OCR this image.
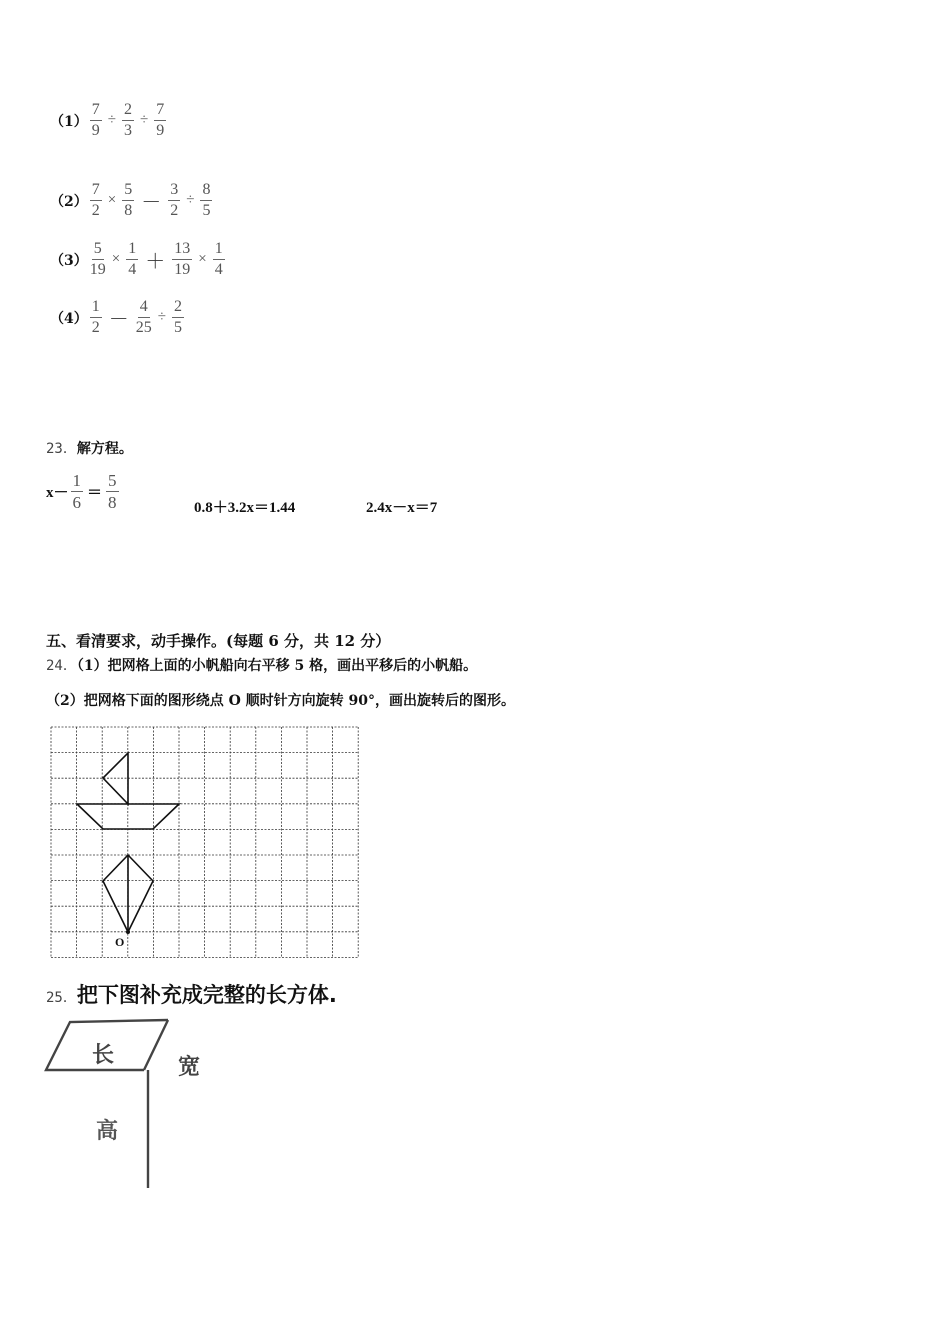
$(1) \frac{7}{9} \div \frac{2}{3} \div \frac{7}{9}$
$(2) \frac{7}{2} \times \frac{5}{8} - \frac{3}{2} \div \frac{8}{5}$
$(3) \frac{5}{19} \times \frac{1}{4} + \frac{13}{19} \times \frac{1}{4}$
$(4) \frac{1}{2} - \frac{4}{25} \div \frac{2}{5}$
23．解方程。
$x- \frac{1}{6} = \frac{5}{8}$	0.8＋3.2x＝1.44	2.4x－x＝7
五、看清要求，动手操作。(每题 6 分，共 12 分）
24．（1）把网格上面的小帆船向右平移 5 格，画出平移后的小帆船。
（2）把网格下面的图形绕点 O 顺时针方向旋转 90°，画出旋转后的图形。
O
25．把下图补充成完整的长方体.
长	宽
高
